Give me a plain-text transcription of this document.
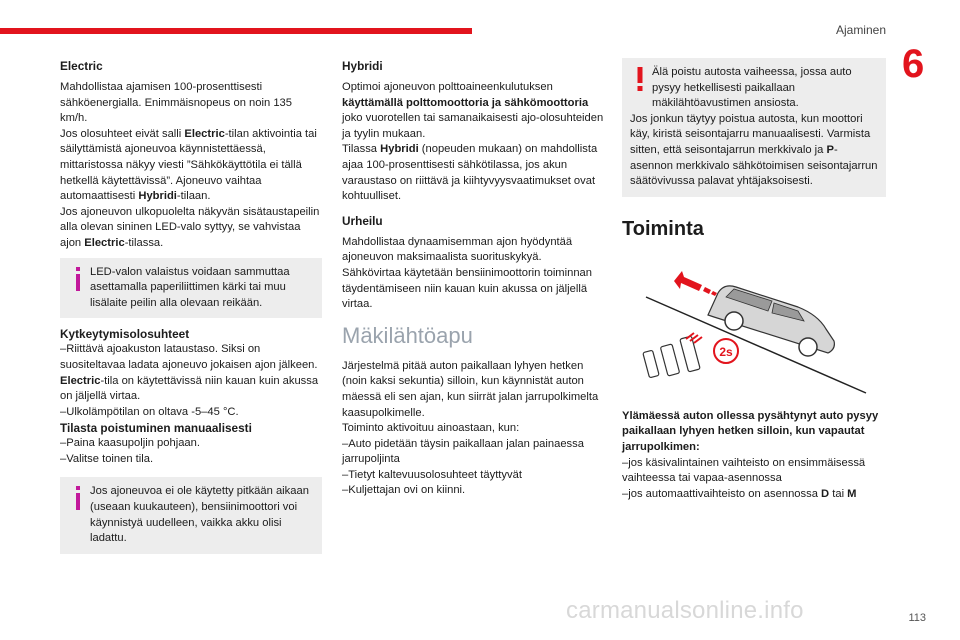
Ajaminen
6
Electric

Mahdollistaa ajamisen 100-prosenttisesti sähköenergialla. Enimmäisnopeus on noin 135 km/h.

Jos olosuhteet eivät salli Electric-tilan aktivointia tai säilyttämistä ajoneuvoa käynnistettäessä, mittaristossa näkyy viesti ”Sähkökäyttötila ei tällä hetkellä käytettävissä”. Ajoneuvo vaihtaa automaattisesti Hybridi-tilaan.

Jos ajoneuvon ulkopuolelta näkyvän sisätaustapeilin alla olevan sininen LED-valo syttyy, se vahvistaa ajon Electric-tilassa.

LED-valon valaistus voidaan sammuttaa asettamalla paperiliittimen kärki tai muu lisälaite peilin alla olevaan reikään.

Kytkeytymisolosuhteet

–Riittävä ajoakuston lataustaso. Siksi on suositeltavaa ladata ajoneuvo jokaisen ajon jälkeen. Electric-tila on käytettävissä niin kauan kuin akussa on jäljellä virtaa.

–Ulkolämpötilan on oltava -5–45 °C.

Tilasta poistuminen manuaalisesti

–Paina kaasupoljin pohjaan.

–Valitse toinen tila.

Jos ajoneuvoa ei ole käytetty pitkään aikaan (useaan kuukauteen), bensiinimoottori voi käynnistyä uudelleen, vaikka akku olisi ladattu.

Hybridi

Optimoi ajoneuvon polttoaineenkulutuksen käyttämällä polttomoottoria ja sähkömoottoria joko vuorotellen tai samanaikaisesti ajo-olosuhteiden ja tyylin mukaan.

Tilassa Hybridi (nopeuden mukaan) on mahdollista ajaa 100-prosenttisesti sähkötilassa, jos akun varaustaso on riittävä ja kiihtyvyysvaatimukset ovat kohtuulliset.

Urheilu

Mahdollistaa dynaamisemman ajon hyödyntää ajoneuvon maksimaalista suorituskykyä.

Sähkövirtaa käytetään bensiinimoottorin toiminnan täydentämiseen niin kauan kuin akussa on jäljellä virtaa.

Mäkilähtöapu

Järjestelmä pitää auton paikallaan lyhyen hetken (noin kaksi sekuntia) silloin, kun käynnistät auton mäessä eli sen ajan, kun siirrät jalan jarrupolkimelta kaasupolkimelle.

Toiminto aktivoituu ainoastaan, kun:

–Auto pidetään täysin paikallaan jalan painaessa jarrupoljinta

–Tietyt kaltevuusolosuhteet täyttyvät

–Kuljettajan ovi on kiinni.

Älä poistu autosta vaiheessa, jossa auto pysyy hetkellisesti paikallaan mäkilähtöavustimen ansiosta.

Jos jonkun täytyy poistua autosta, kun moottori käy, kiristä seisontajarru manuaalisesti. Varmista sitten, että seisontajarrun merkkivalo ja P-asennon merkkivalo sähkötoimisen seisontajarrun säätövivussa palavat yhtäjaksoisesti.

Toiminta
2s

Ylämäessä auton ollessa pysähtynyt auto pysyy paikallaan lyhyen hetken silloin, kun vapautat jarrupolkimen:

–jos käsivalintainen vaihteisto on ensimmäisessä vaihteessa tai vapaa-asennossa

–jos automaattivaihteisto on asennossa D tai M

carmanualsonline.info	113
